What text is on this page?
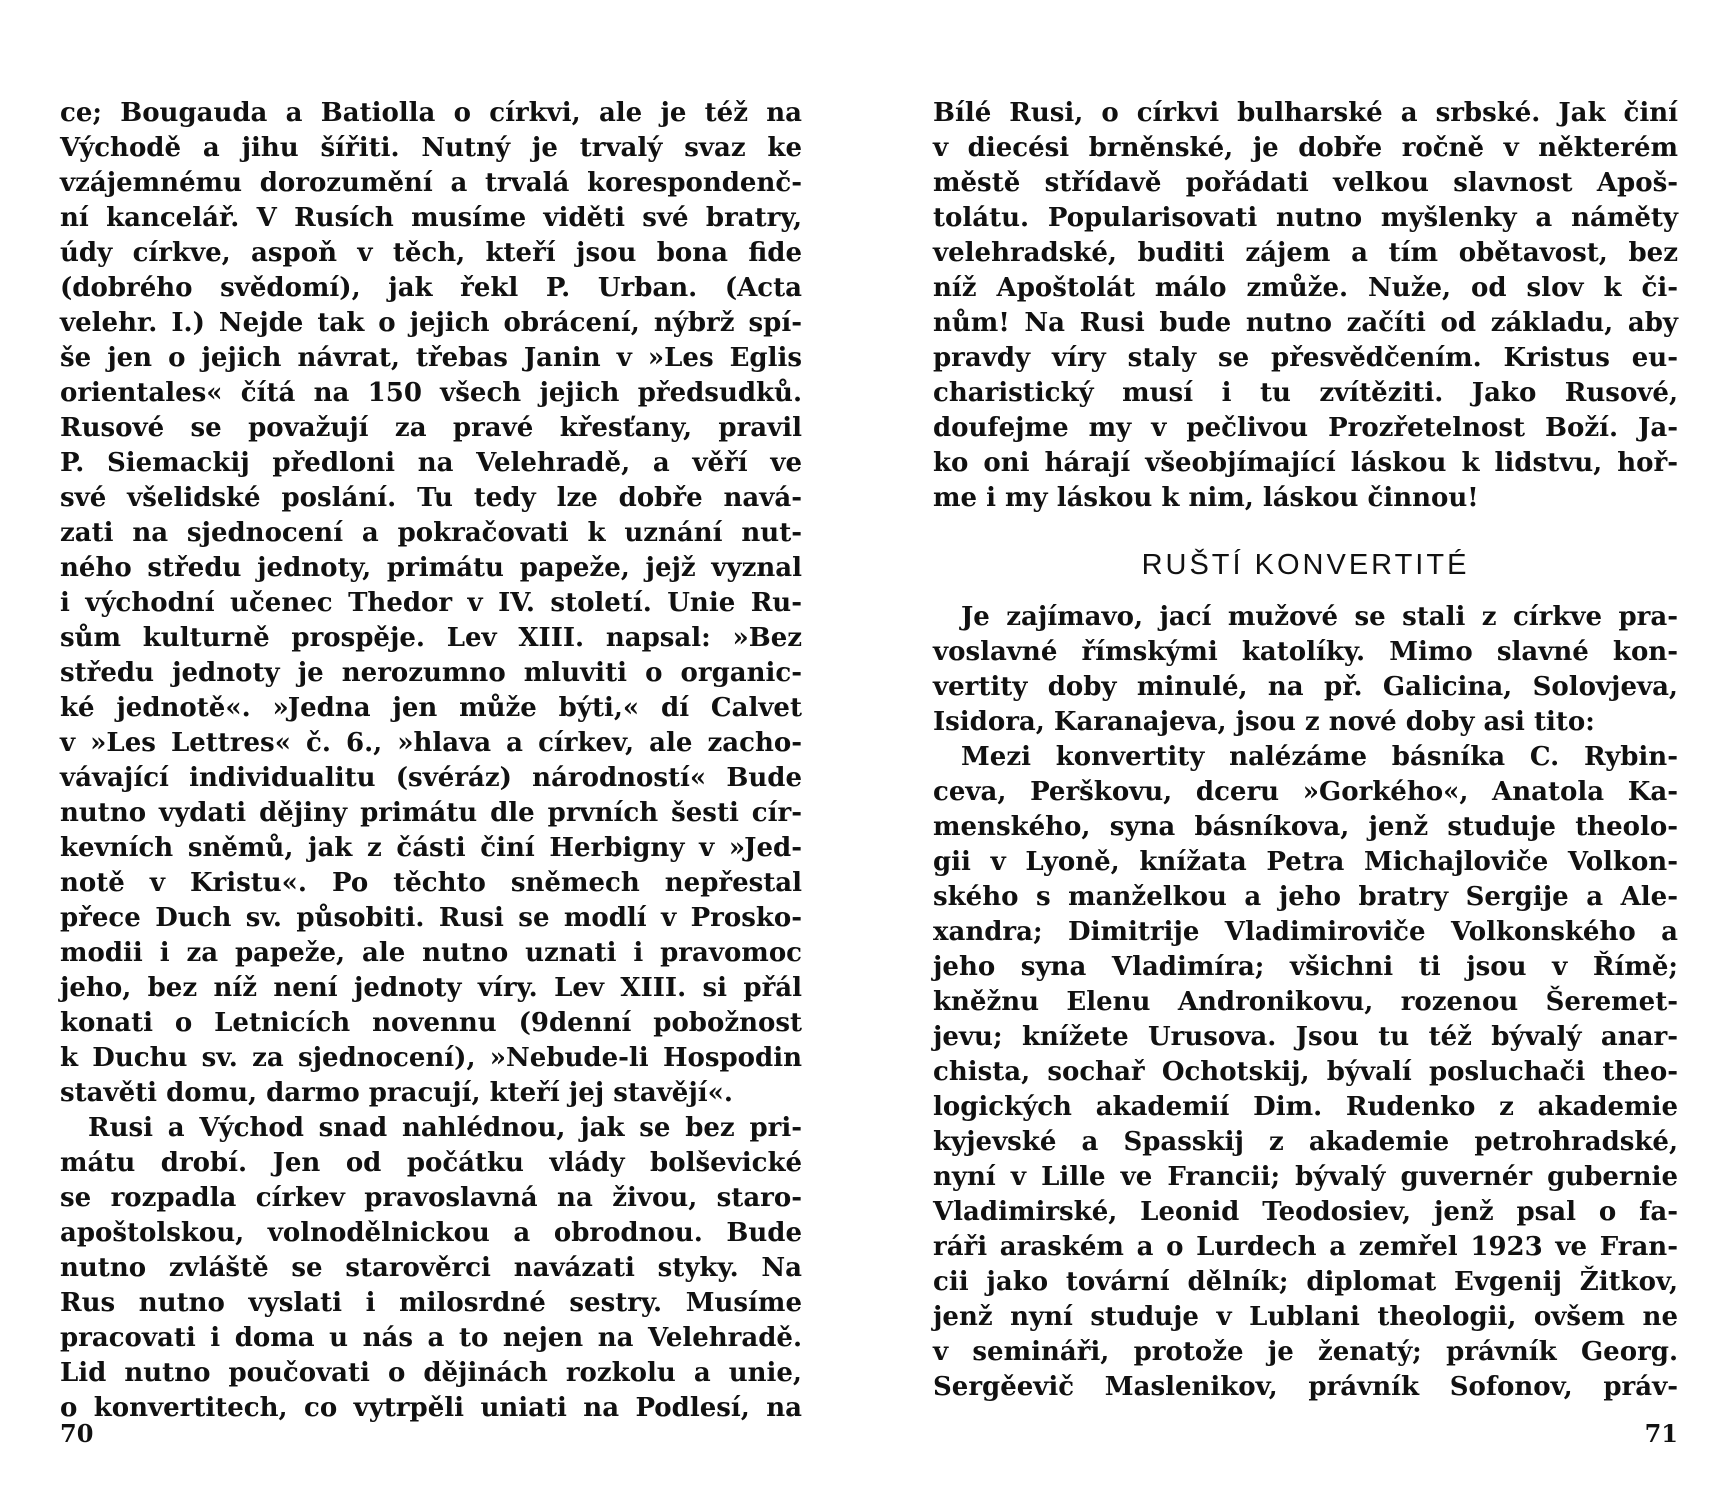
ce; Bougauda a Batiolla o církvi, ale je též na
Východě a jihu šířiti. Nutný je trvalý svaz ke
vzájemnému dorozumění a trvalá korespondenč-
ní kancelář. V Rusích musíme viděti své bratry,
údy církve, aspoň v těch, kteří jsou bona fide
(dobrého svědomí), jak řekl P. Urban. (Acta
velehr. I.) Nejde tak o jejich obrácení, nýbrž spí-
še jen o jejich návrat, třebas Janin v »Les Eglis
orientales« čítá na 150 všech jejich předsudků.
Rusové se považují za pravé křesťany, pravil
P. Siemackij předloni na Velehradě, a věří ve
své všelidské poslání. Tu tedy lze dobře navá-
zati na sjednocení a pokračovati k uznání nut-
ného středu jednoty, primátu papeže, jejž vyznal
i východní učenec Thedor v IV. století. Unie Ru-
sům kulturně prospěje. Lev XIII. napsal: »Bez
středu jednoty je nerozumno mluviti o organic-
ké jednotě«. »Jedna jen může býti,« dí Calvet
v »Les Lettres« č. 6., »hlava a církev, ale zacho-
vávající individualitu (svéráz) národností« Bude
nutno vydati dějiny primátu dle prvních šesti cír-
kevních sněmů, jak z části činí Herbigny v »Jed-
notě v Kristu«. Po těchto sněmech nepřestal
přece Duch sv. působiti. Rusi se modlí v Prosko-
modii i za papeže, ale nutno uznati i pravomoc
jeho, bez níž není jednoty víry. Lev XIII. si přál
konati o Letnicích novennu (9denní pobožnost
k Duchu sv. za sjednocení), »Nebude-li Hospodin
stavěti domu, darmo pracují, kteří jej stavějí«.
Rusi a Východ snad nahlédnou, jak se bez pri-
mátu drobí. Jen od počátku vlády bolševické
se rozpadla církev pravoslavná na živou, staro-
apoštolskou, volnodělnickou a obrodnou. Bude
nutno zvláště se starověrci navázati styky. Na
Rus nutno vyslati i milosrdné sestry. Musíme
pracovati i doma u nás a to nejen na Velehradě.
Lid nutno poučovati o dějinách rozkolu a unie,
o konvertitech, co vytrpěli uniati na Podlesí, na
70
Bílé Rusi, o církvi bulharské a srbské. Jak činí
v diecési brněnské, je dobře ročně v některém
městě střídavě pořádati velkou slavnost Apoš-
tolátu. Popularisovati nutno myšlenky a náměty
velehradské, buditi zájem a tím obětavost, bez
níž Apoštolát málo zmůže. Nuže, od slov k či-
nům! Na Rusi bude nutno začíti od základu, aby
pravdy víry staly se přesvědčením. Kristus eu-
charistický musí i tu zvítěziti. Jako Rusové,
doufejme my v pečlivou Prozřetelnost Boží. Ja-
ko oni hárají všeobjímající láskou k lidstvu, hoř-
me i my láskou k nim, láskou činnou!
RUŠTÍ KONVERTITÉ
Je zajímavo, jací mužové se stali z církve pra-
voslavné římskými katolíky. Mimo slavné kon-
vertity doby minulé, na př. Galicina, Solovjeva,
Isidora, Karanajeva, jsou z nové doby asi tito:
Mezi konvertity nalézáme básníka C. Rybin-
ceva, Perškovu, dceru »Gorkého«, Anatola Ka-
menského, syna básníkova, jenž studuje theolo-
gii v Lyoně, knížata Petra Michajloviče Volkon-
ského s manželkou a jeho bratry Sergije a Ale-
xandra; Dimitrije Vladimiroviče Volkonského a
jeho syna Vladimíra; všichni ti jsou v Římě;
kněžnu Elenu Andronikovu, rozenou Šeremet-
jevu; knížete Urusova. Jsou tu též bývalý anar-
chista, sochař Ochotskij, bývalí posluchači theo-
logických akademií Dim. Rudenko z akademie
kyjevské a Spasskij z akademie petrohradské,
nyní v Lille ve Francii; bývalý guvernér gubernie
Vladimirské, Leonid Teodosiev, jenž psal o fa-
ráři araském a o Lurdech a zemřel 1923 ve Fran-
cii jako tovární dělník; diplomat Evgenij Žitkov,
jenž nyní studuje v Lublani theologii, ovšem ne
v semináři, protože je ženatý; právník Georg.
Sergěevič Maslenikov, právník Sofonov, práv-
71
